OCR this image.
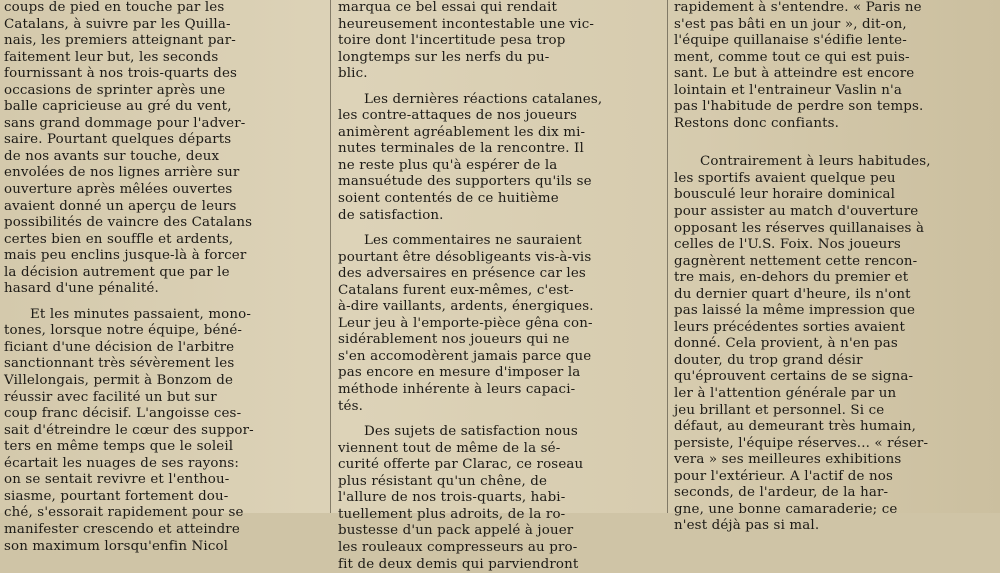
coups de pied en touche par les
Catalans, à suivre par les Quilla-
nais, les premiers atteignant par-
faitement leur but, les seconds
fournissant à nos trois-quarts des
occasions de sprinter après une
balle capricieuse au gré du vent,
sans grand dommage pour l'adver-
saire. Pourtant quelques départs
de nos avants sur touche, deux
envolées de nos lignes arrière sur
ouverture après mêlées ouvertes
avaient donné un aperçu de leurs
possibilités de vaincre des Catalans
certes bien en souffle et ardents,
mais peu enclins jusque-là à forcer
la décision autrement que par le
hasard d'une pénalité.
Et les minutes passaient, mono-
tones, lorsque notre équipe, béné-
ficiant d'une décision de l'arbitre
sanctionnant très sévèrement les
Villelongais, permit à Bonzom de
réussir avec facilité un but sur
coup franc décisif. L'angoisse ces-
sait d'étreindre le cœur des suppor-
ters en même temps que le soleil
écartait les nuages de ses rayons:
on se sentait revivre et l'enthou-
siasme, pourtant fortement dou-
ché, s'essorait rapidement pour se
manifester crescendo et atteindre
son maximum lorsqu'enfin Nicol
marqua ce bel essai qui rendait
heureusement incontestable une vic-
toire dont l'incertitude pesa trop
longtemps sur les nerfs du pu-
blic.
Les dernières réactions catalanes,
les contre-attaques de nos joueurs
animèrent agréablement les dix mi-
nutes terminales de la rencontre. Il
ne reste plus qu'à espérer de la
mansuétude des supporters qu'ils se
soient contentés de ce huitième
de satisfaction.
Les commentaires ne sauraient
pourtant être désobligeants vis-à-vis
des adversaires en présence car les
Catalans furent eux-mêmes, c'est-
à-dire vaillants, ardents, énergiques.
Leur jeu à l'emporte-pièce gêna con-
sidérablement nos joueurs qui ne
s'en accomodèrent jamais parce que
pas encore en mesure d'imposer la
méthode inhérente à leurs capaci-
tés.
Des sujets de satisfaction nous
viennent tout de même de la sé-
curité offerte par Clarac, ce roseau
plus résistant qu'un chêne, de
l'allure de nos trois-quarts, habi-
tuellement plus adroits, de la ro-
bustesse d'un pack appelé à jouer
les rouleaux compresseurs au pro-
fit de deux demis qui parviendront
rapidement à s'entendre. « Paris ne
s'est pas bâti en un jour », dit-on,
l'équipe quillanaise s'édifie lente-
ment, comme tout ce qui est puis-
sant. Le but à atteindre est encore
lointain et l'entraineur Vaslin n'a
pas l'habitude de perdre son temps.
Restons donc confiants.
Contrairement à leurs habitudes,
les sportifs avaient quelque peu
bousculé leur horaire dominical
pour assister au match d'ouverture
opposant les réserves quillanaises à
celles de l'U.S. Foix. Nos joueurs
gagnèrent nettement cette rencon-
tre mais, en-dehors du premier et
du dernier quart d'heure, ils n'ont
pas laissé la même impression que
leurs précédentes sorties avaient
donné. Cela provient, à n'en pas
douter, du trop grand désir
qu'éprouvent certains de se signa-
ler à l'attention générale par un
jeu brillant et personnel. Si ce
défaut, au demeurant très humain,
persiste, l'équipe réserves... « réser-
vera » ses meilleures exhibitions
pour l'extérieur. A l'actif de nos
seconds, de l'ardeur, de la har-
gne, une bonne camaraderie; ce
n'est déjà pas si mal.
